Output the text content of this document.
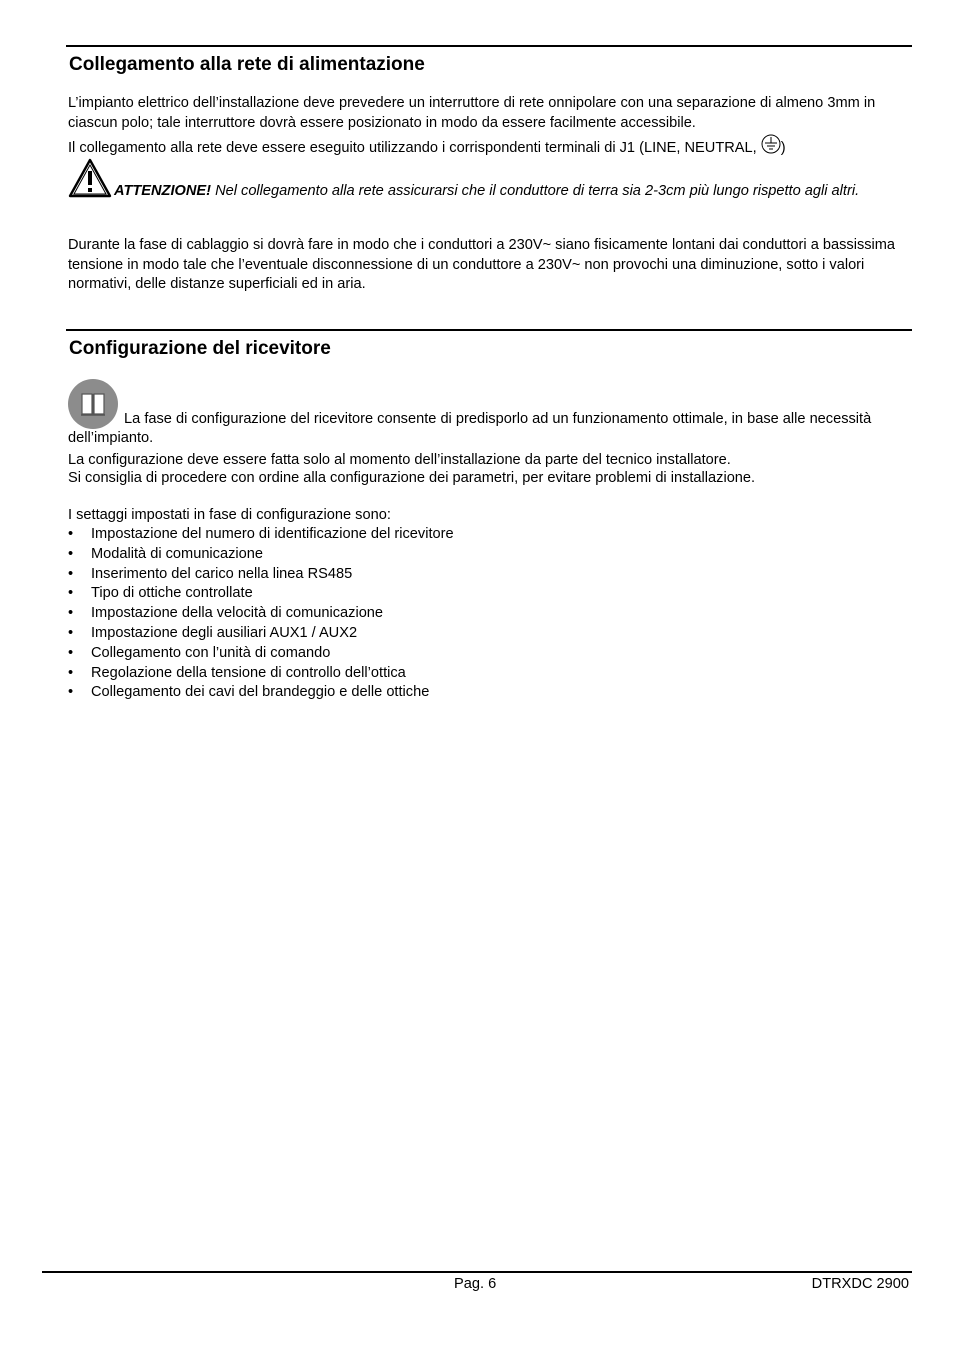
Collegamento alla rete di alimentazione

L’impianto elettrico dell’installazione deve prevedere un interruttore di rete onnipolare con una separazione di almeno 3mm in ciascun polo; tale interruttore dovrà essere posizionato in modo da essere facilmente accessibile.

Il collegamento alla rete deve essere eseguito utilizzando i corrispondenti terminali di J1 (LINE, NEUTRAL, )

ATTENZIONE! Nel collegamento alla rete assicurarsi che il conduttore di terra sia 2-3cm più lungo rispetto agli altri.

Durante la fase di cablaggio si dovrà fare in modo che i conduttori a 230V~ siano fisicamente lontani dai conduttori a bassissima tensione in modo tale che l’eventuale disconnessione di un conduttore a 230V~ non provochi una diminuzione, sotto i valori normativi, delle distanze superficiali ed in aria.

Configurazione del ricevitore

La fase di configurazione del ricevitore consente di predisporlo ad un funzionamento ottimale, in base alle necessità dell’impianto.

La configurazione deve essere fatta solo al momento dell’installazione da parte del tecnico installatore.

Si consiglia di procedere con ordine alla configurazione dei parametri, per evitare problemi di installazione.

I settaggi impostati in fase di configurazione sono:

• Impostazione del numero di identificazione del ricevitore
• Modalità di comunicazione
• Inserimento del carico nella linea RS485
• Tipo di ottiche controllate
• Impostazione della velocità di comunicazione
• Impostazione degli ausiliari AUX1 / AUX2
• Collegamento con l’unità di comando
• Regolazione della tensione di controllo dell’ottica
• Collegamento dei cavi del brandeggio e delle ottiche
Pag. 6	DTRXDC 2900
